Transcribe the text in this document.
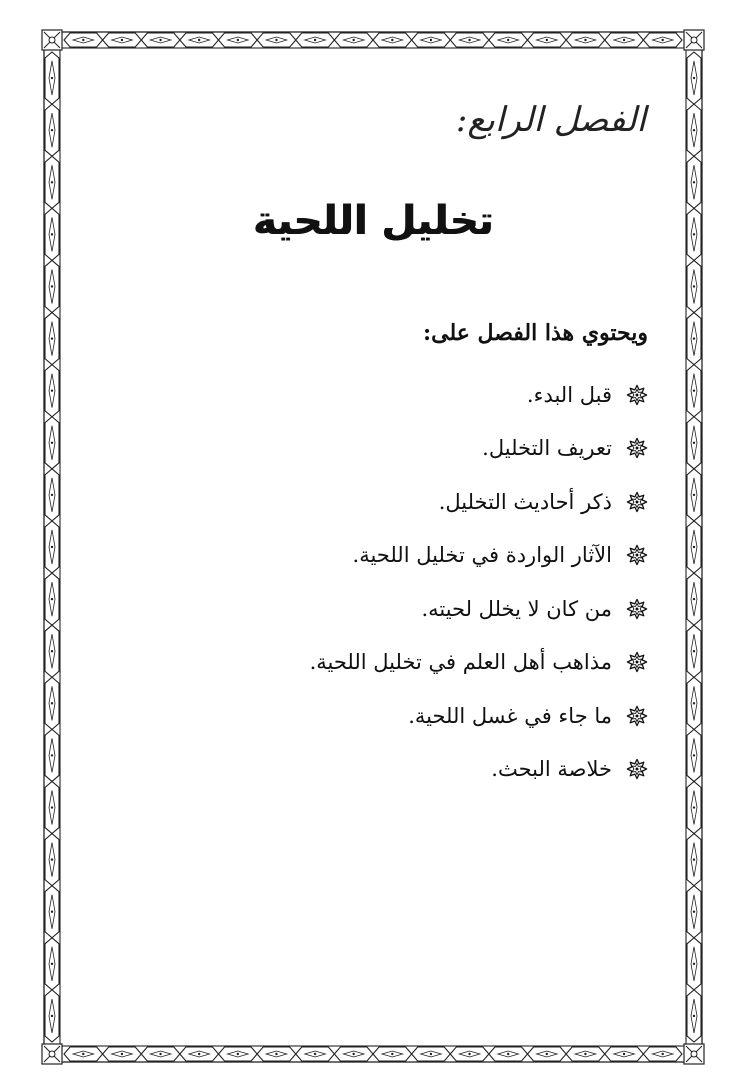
الفصل الرابع:
تخليل اللحية
ويحتوي هذا الفصل على:
قبل البدء.
تعريف التخليل.
ذكر أحاديث التخليل.
الآثار الواردة في تخليل اللحية.
من كان لا يخلل لحيته.
مذاهب أهل العلم في تخليل اللحية.
ما جاء في غسل اللحية.
خلاصة البحث.
